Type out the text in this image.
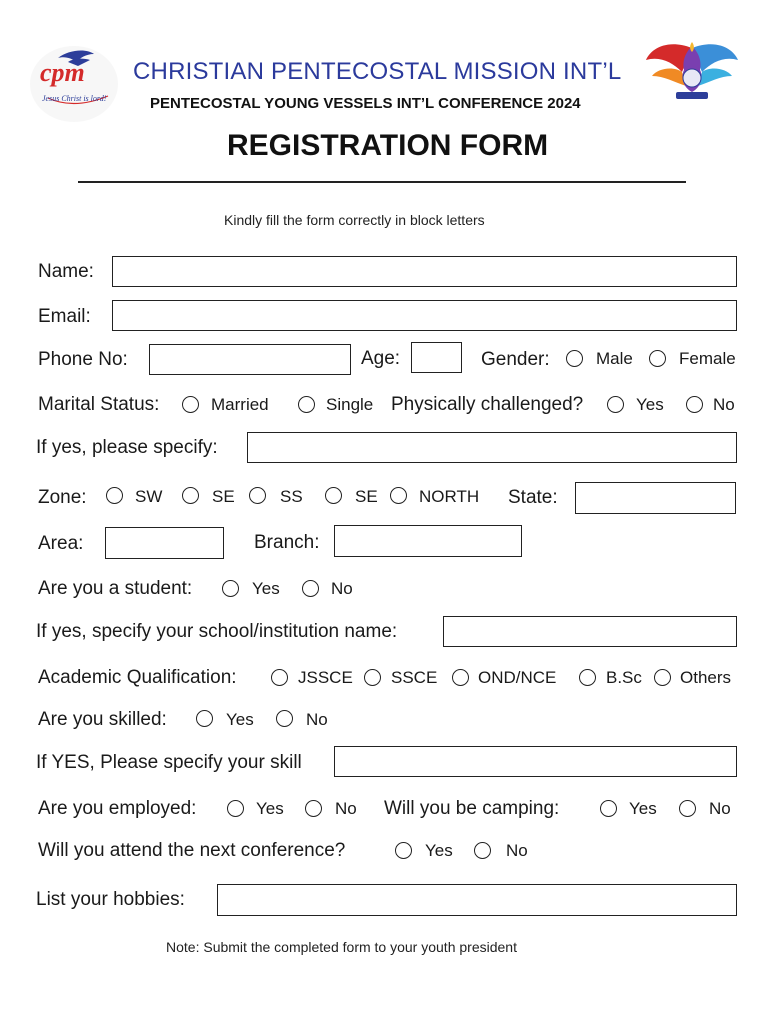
cpm
Jesus Christ is lord!
CHRISTIAN PENTECOSTAL MISSION INT’L
PENTECOSTAL YOUNG VESSELS INT’L CONFERENCE 2024
REGISTRATION FORM
Kindly fill the form correctly in block letters
Name:
Email:
Phone No:	Age:	Gender:	Male	Female
Marital Status:	Married	Single Physically challenged?	Yes	No
If yes, please specify:
Zone:	SW	SE	SS	SE NORTH State:
Area:	Branch:
Are you a student:	Yes	No
If yes, specify your school/institution name:
Academic Qualification:	JSSCE SSCE OND/NCE	B.Sc Others
Are you skilled:	Yes	No
If YES, Please specify your skill
Are you employed:	Yes	No Will you be camping:	Yes	No
Will you attend the next conference?	Yes	No
List your hobbies:
Note: Submit the completed form to your youth president
